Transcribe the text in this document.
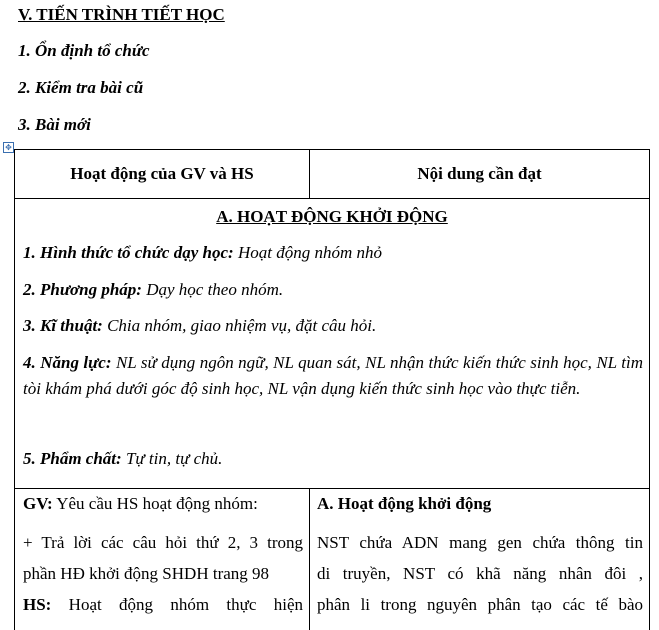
V. TIẾN TRÌNH TIẾT HỌC
1. Ổn định tổ chức
2. Kiểm tra bài cũ
3. Bài mới
✥
Hoạt động của GV và HS	Nội dung cần đạt
A. HOẠT ĐỘNG KHỞI ĐỘNG
1. Hình thức tổ chức dạy học: Hoạt động nhóm nhỏ
2. Phương pháp: Dạy học theo nhóm.
3. Kĩ thuật: Chia nhóm, giao nhiệm vụ, đặt câu hỏi.
4. Năng lực: NL sử dụng ngôn ngữ, NL quan sát, NL nhận thức kiến thức sinh học, NL tìm tòi khám phá dưới góc độ sinh học, NL vận dụng kiến thức sinh học vào thực tiễn.
5. Phẩm chất: Tự tin, tự chủ.
GV: Yêu cầu HS hoạt động nhóm:
+ Trả lời các câu hỏi thứ 2, 3 trong
phần HĐ khởi động SHDH trang 98
HS: Hoạt động nhóm thực hiện
A. Hoạt động khởi động
NST chứa ADN mang gen chứa thông tin
di truyền, NST có khã năng nhân đôi ,
phân li trong nguyên phân tạo các tế bào
